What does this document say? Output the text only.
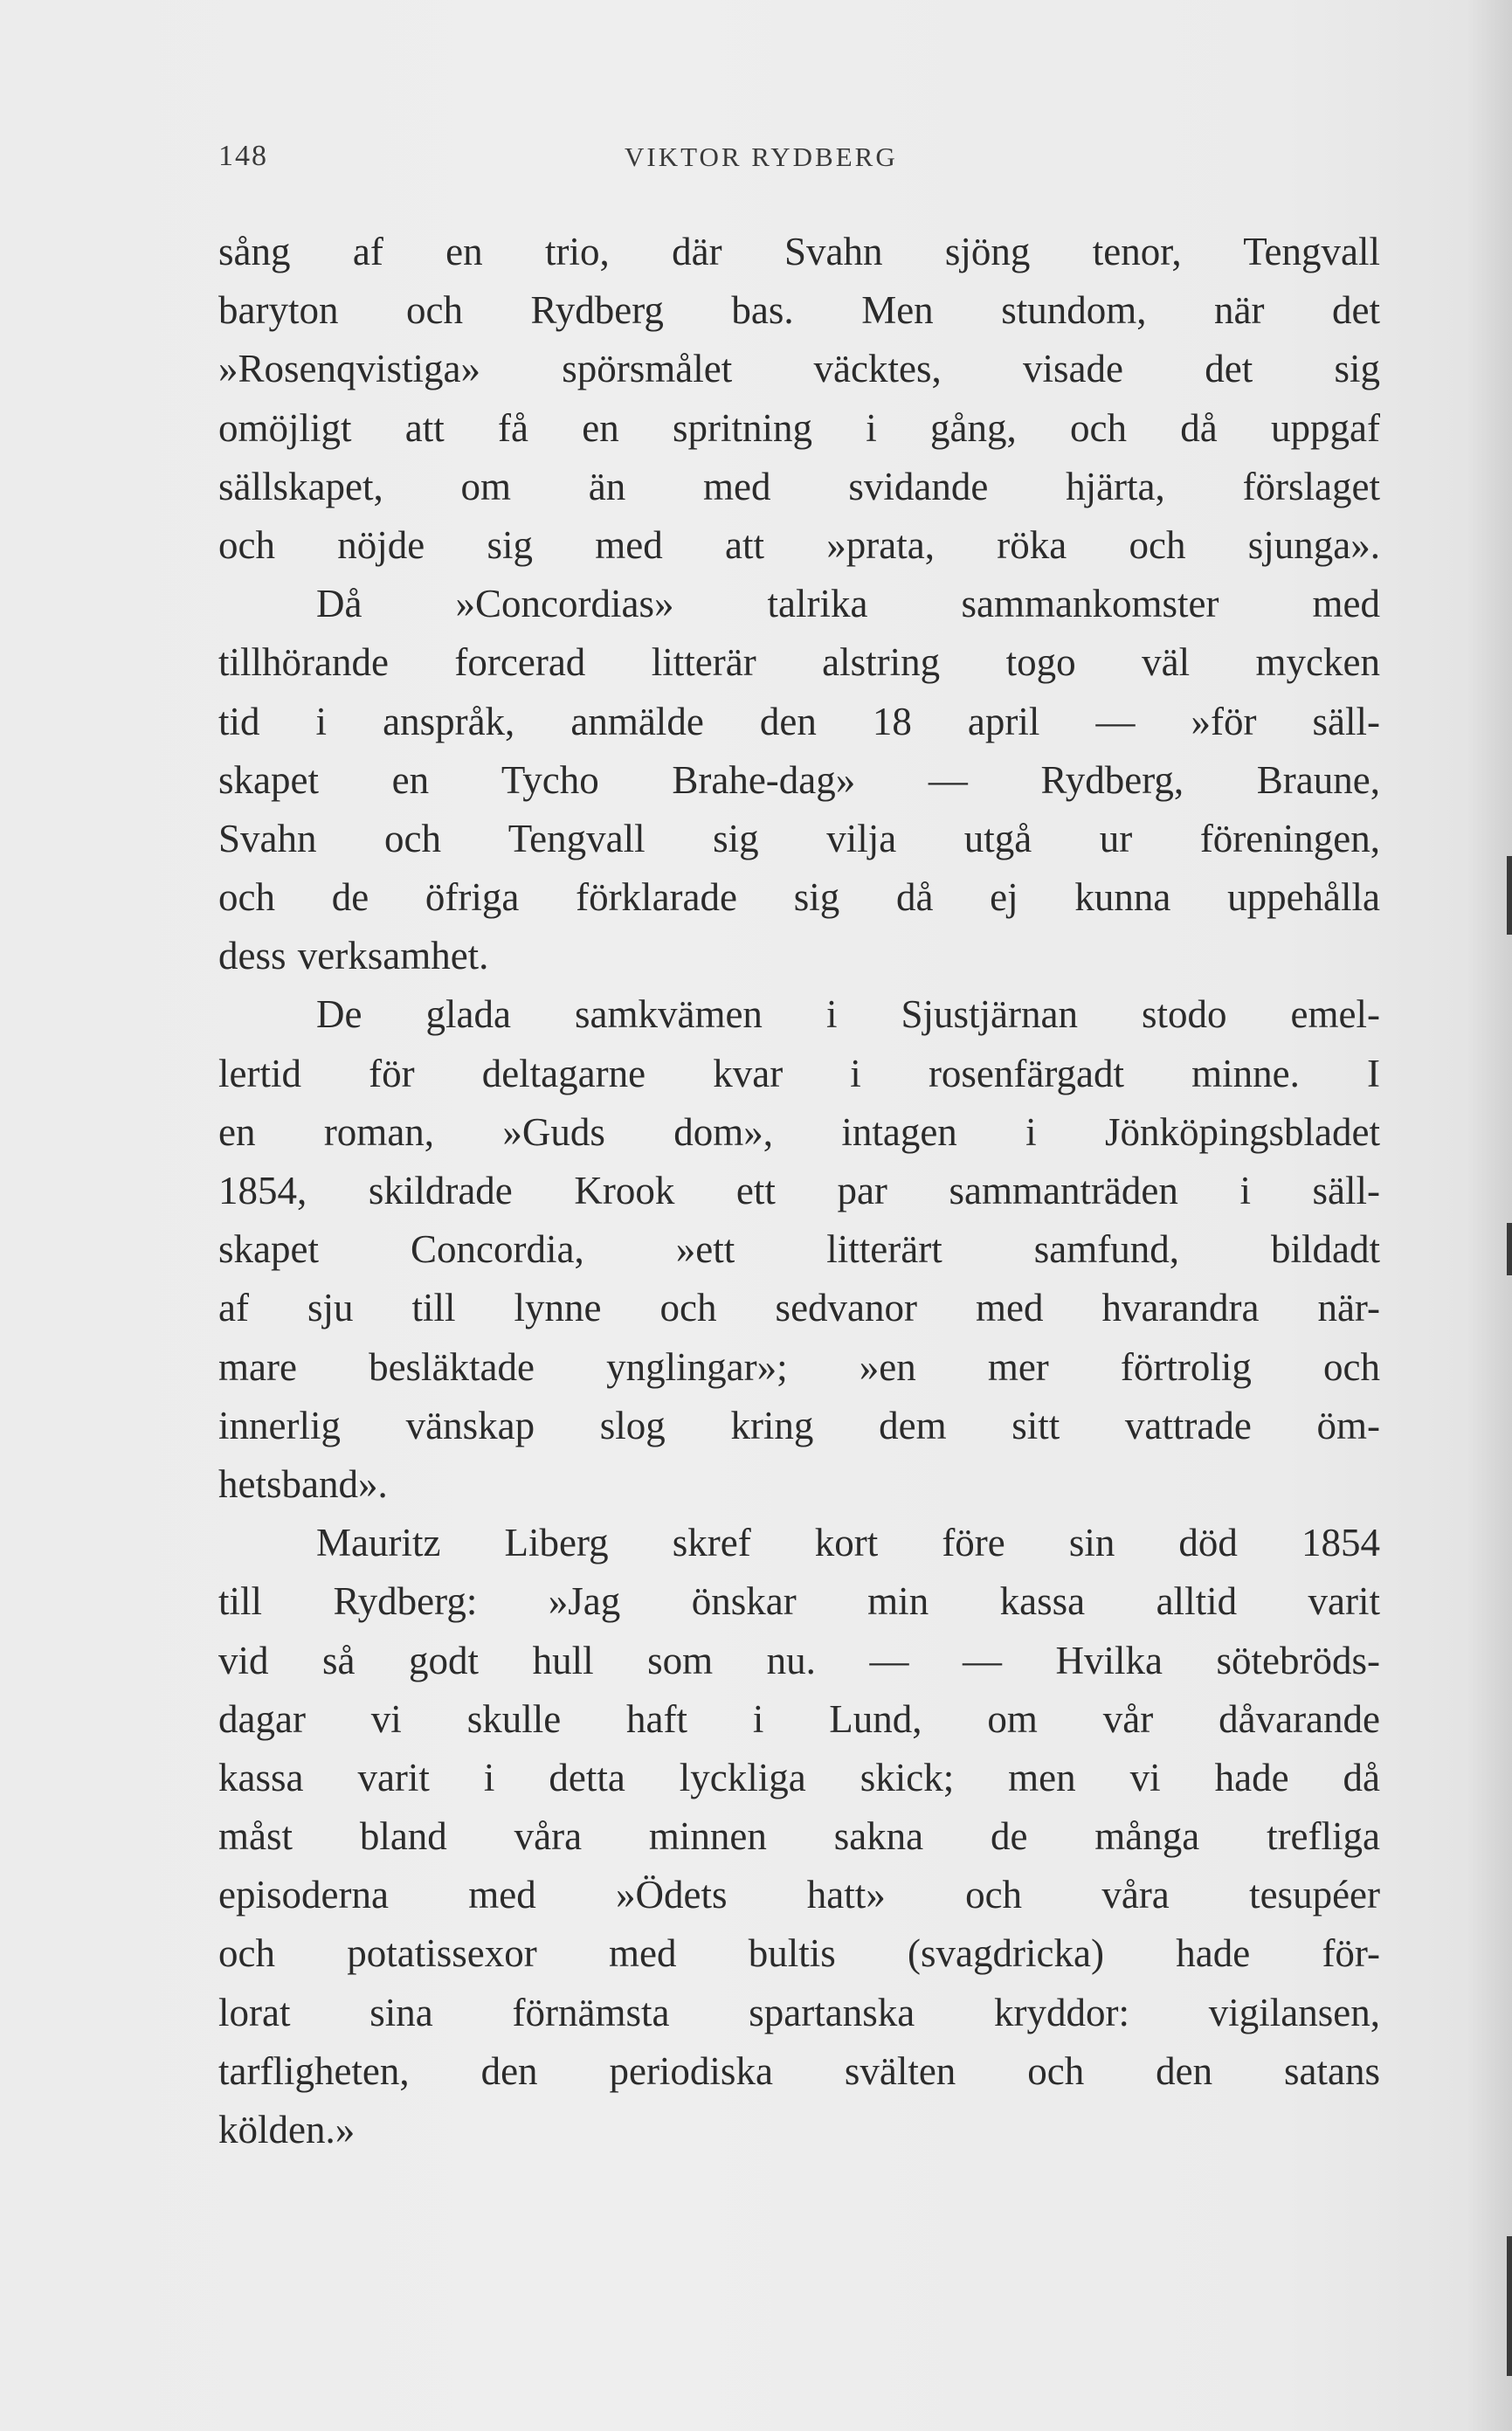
148	VIKTOR RYDBERG
sång af en trio, där Svahn sjöng tenor, Tengvall
baryton och Rydberg bas. Men stundom, när det
»Rosenqvistiga» spörsmålet väcktes, visade det sig
omöjligt att få en spritning i gång, och då uppgaf
sällskapet, om än med svidande hjärta, förslaget
och nöjde sig med att »prata, röka och sjunga».
Då »Concordias» talrika sammankomster med
tillhörande forcerad litterär alstring togo väl mycken
tid i anspråk, anmälde den 18 april — »för säll-
skapet en Tycho Brahe-dag» — Rydberg, Braune,
Svahn och Tengvall sig vilja utgå ur föreningen,
och de öfriga förklarade sig då ej kunna uppehålla
dess verksamhet.
De glada samkvämen i Sjustjärnan stodo emel-
lertid för deltagarne kvar i rosenfärgadt minne. I
en roman, »Guds dom», intagen i Jönköpingsbladet
1854, skildrade Krook ett par sammanträden i säll-
skapet Concordia, »ett litterärt samfund, bildadt
af sju till lynne och sedvanor med hvarandra när-
mare besläktade ynglingar»; »en mer förtrolig och
innerlig vänskap slog kring dem sitt vattrade öm-
hetsband».
Mauritz Liberg skref kort före sin död 1854
till Rydberg: »Jag önskar min kassa alltid varit
vid så godt hull som nu. — — Hvilka sötebröds-
dagar vi skulle haft i Lund, om vår dåvarande
kassa varit i detta lyckliga skick; men vi hade då
måst bland våra minnen sakna de många trefliga
episoderna med »Ödets hatt» och våra tesupéer
och potatissexor med bultis (svagdricka) hade för-
lorat sina förnämsta spartanska kryddor: vigilansen,
tarfligheten, den periodiska svälten och den satans
kölden.»
